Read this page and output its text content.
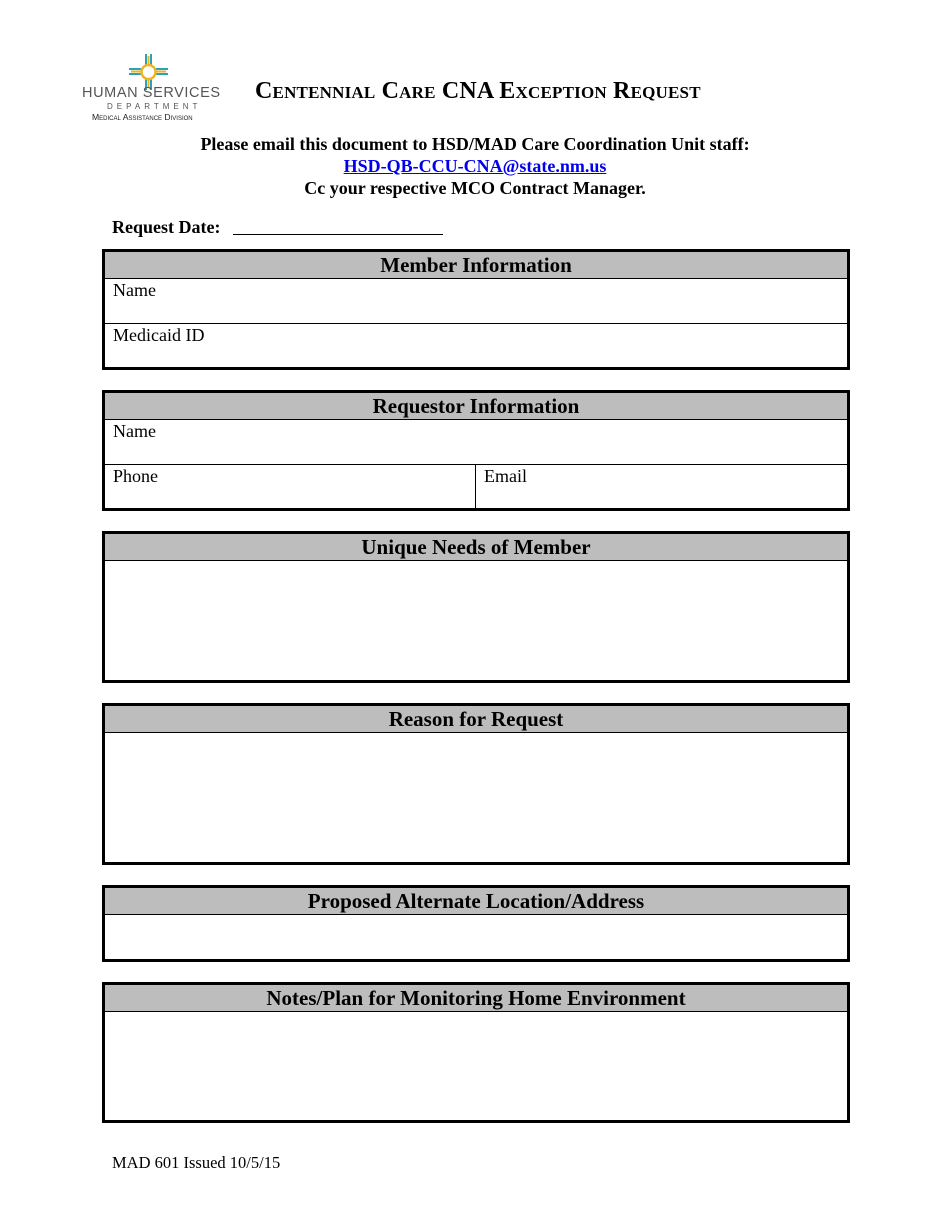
HUMAN SERVICES
DEPARTMENT
Medical Assistance Division
Centennial Care CNA Exception Request
Please email this document to HSD/MAD Care Coordination Unit staff:
HSD-QB-CCU-CNA@state.nm.us
Cc your respective MCO Contract Manager.
Request Date:
Member Information
Name
Medicaid ID
Requestor Information
Name
Phone	Email
Unique Needs of Member
Reason for Request
Proposed Alternate Location/Address
Notes/Plan for Monitoring Home Environment
MAD 601 Issued 10/5/15
